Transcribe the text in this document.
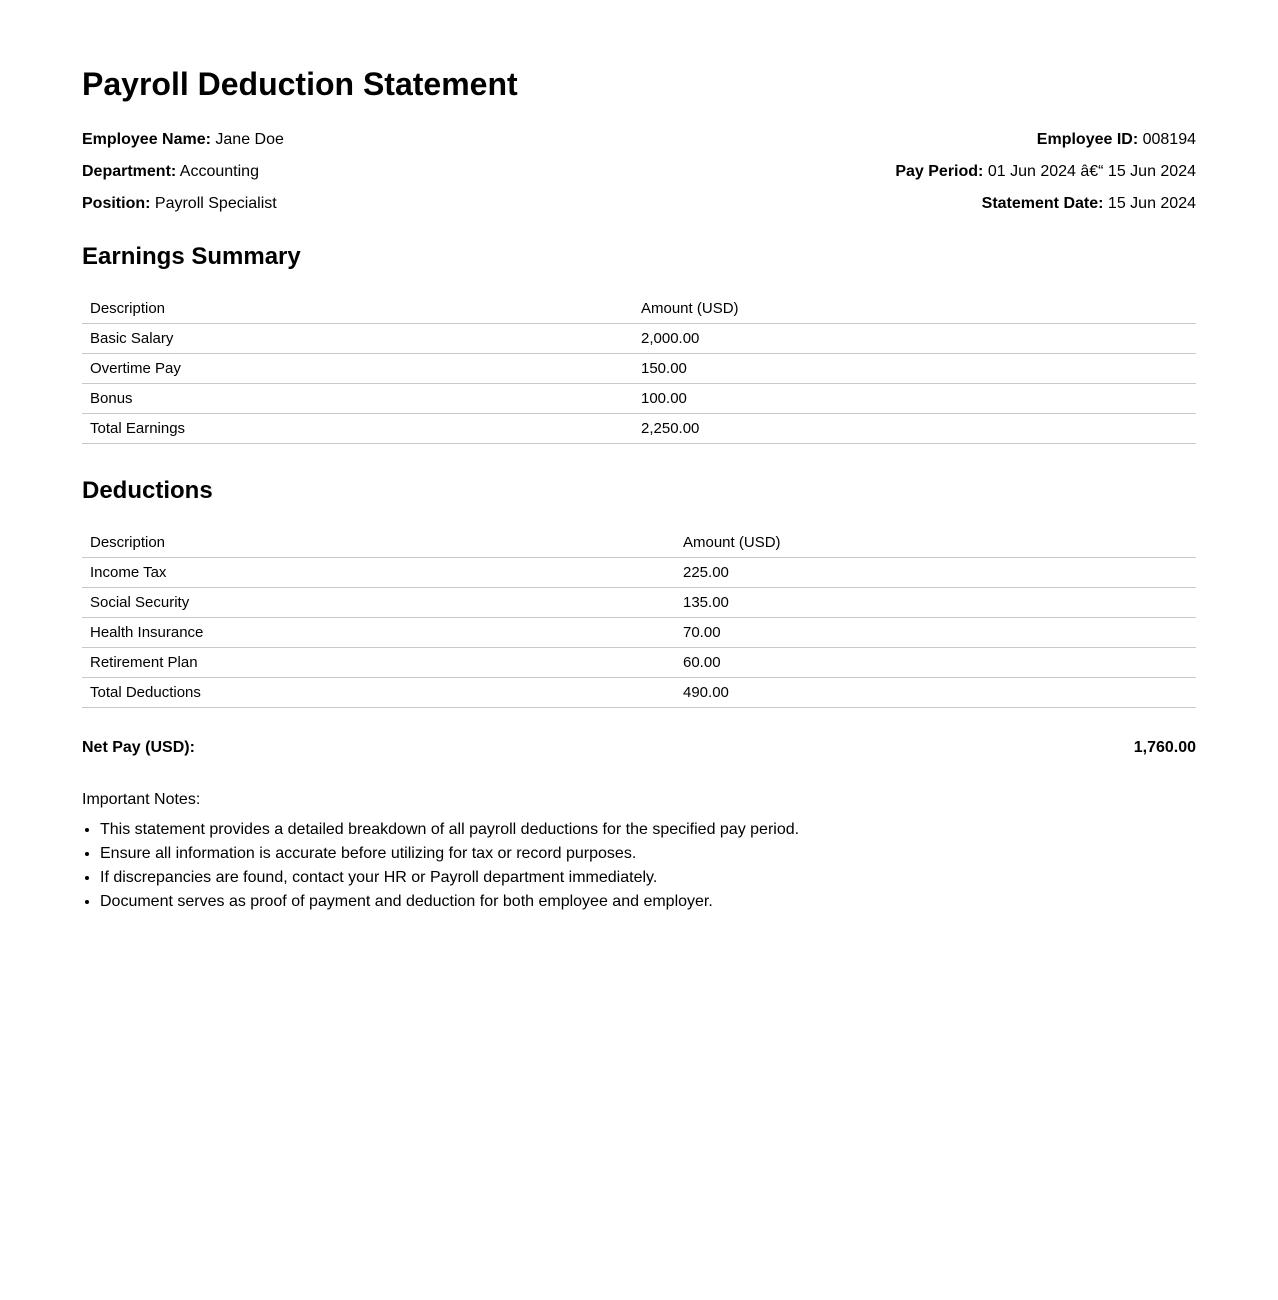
Payroll Deduction Statement
Employee Name: Jane Doe
Department: Accounting
Position: Payroll Specialist
Employee ID: 008194
Pay Period: 01 Jun 2024 â€“ 15 Jun 2024
Statement Date: 15 Jun 2024
Earnings Summary
Description	Amount (USD)
Basic Salary	2,000.00
Overtime Pay	150.00
Bonus	100.00
Total Earnings	2,250.00
Deductions
Description	Amount (USD)
Income Tax	225.00
Social Security	135.00
Health Insurance	70.00
Retirement Plan	60.00
Total Deductions	490.00
Net Pay (USD):	1,760.00
Important Notes:
• This statement provides a detailed breakdown of all payroll deductions for the specified pay period.
• Ensure all information is accurate before utilizing for tax or record purposes.
• If discrepancies are found, contact your HR or Payroll department immediately.
• Document serves as proof of payment and deduction for both employee and employer.
